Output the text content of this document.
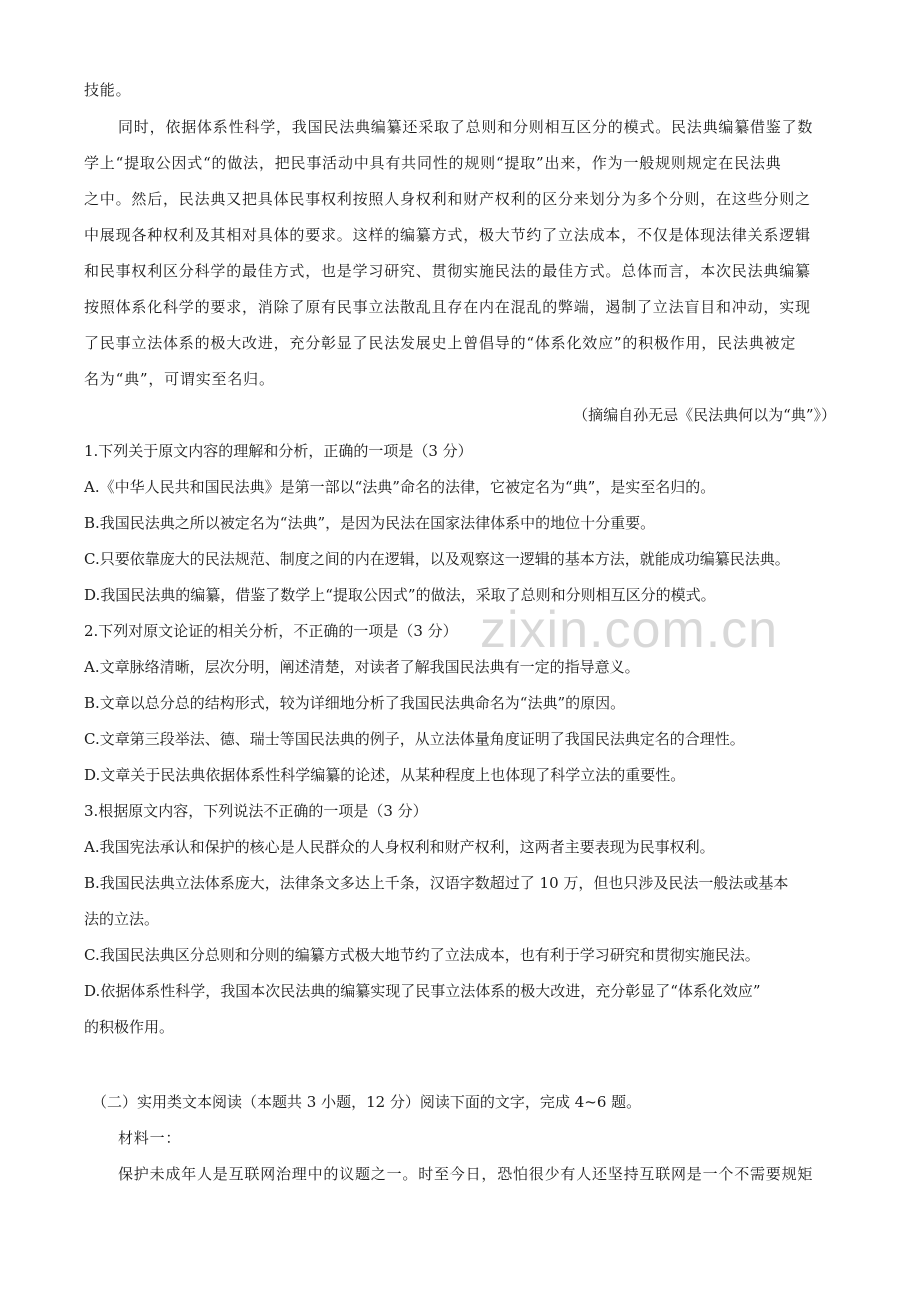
zixin.com.cn
技能。
同时，依据体系性科学，我国民法典编纂还采取了总则和分则相互区分的模式。民法典编纂借鉴了数
学上“提取公因式“的做法，把民事活动中具有共同性的规则“提取”出来，作为一般规则规定在民法典
之中。然后，民法典又把具体民事权利按照人身权利和财产权利的区分来划分为多个分则，在这些分则之
中展现各种权利及其相对具体的要求。这样的编纂方式，极大节约了立法成本，不仅是体现法律关系逻辑
和民事权利区分科学的最佳方式，也是学习研究、贯彻实施民法的最佳方式。总体而言，本次民法典编纂
按照体系化科学的要求，消除了原有民事立法散乱且存在内在混乱的弊端，遏制了立法盲目和冲动，实现
了民事立法体系的极大改进，充分彰显了民法发展史上曾倡导的“体系化效应”的积极作用，民法典被定
名为“典”，可谓实至名归。
（摘编自孙无忌《民法典何以为“典”》）
1.下列关于原文内容的理解和分析，正确的一项是（3 分）
A.《中华人民共和国民法典》是第一部以“法典”命名的法律，它被定名为“典”，是实至名归的。
B.我国民法典之所以被定名为“法典”，是因为民法在国家法律体系中的地位十分重要。
C.只要依靠庞大的民法规范、制度之间的内在逻辑，以及观察这一逻辑的基本方法，就能成功编纂民法典。
D.我国民法典的编纂，借鉴了数学上“提取公因式”的做法，采取了总则和分则相互区分的模式。
2.下列对原文论证的相关分析，不正确的一项是（3 分）
A.文章脉络清晰，层次分明，阐述清楚，对读者了解我国民法典有一定的指导意义。
B.文章以总分总的结构形式，较为详细地分析了我国民法典命名为“法典”的原因。
C.文章第三段举法、德、瑞士等国民法典的例子，从立法体量角度证明了我国民法典定名的合理性。
D.文章关于民法典依据体系性科学编纂的论述，从某种程度上也体现了科学立法的重要性。
3.根据原文内容，下列说法不正确的一项是（3 分）
A.我国宪法承认和保护的核心是人民群众的人身权利和财产权利，这两者主要表现为民事权利。
B.我国民法典立法体系庞大，法律条文多达上千条，汉语字数超过了 10 万，但也只涉及民法一般法或基本
法的立法。
C.我国民法典区分总则和分则的编纂方式极大地节约了立法成本，也有利于学习研究和贯彻实施民法。
D.依据体系性科学，我国本次民法典的编纂实现了民事立法体系的极大改进，充分彰显了“体系化效应”
的积极作用。
（二）实用类文本阅读（本题共 3 小题，12 分）阅读下面的文字，完成 4~6 题。
材料一：
保护未成年人是互联网治理中的议题之一。时至今日，恐怕很少有人还坚持互联网是一个不需要规矩
